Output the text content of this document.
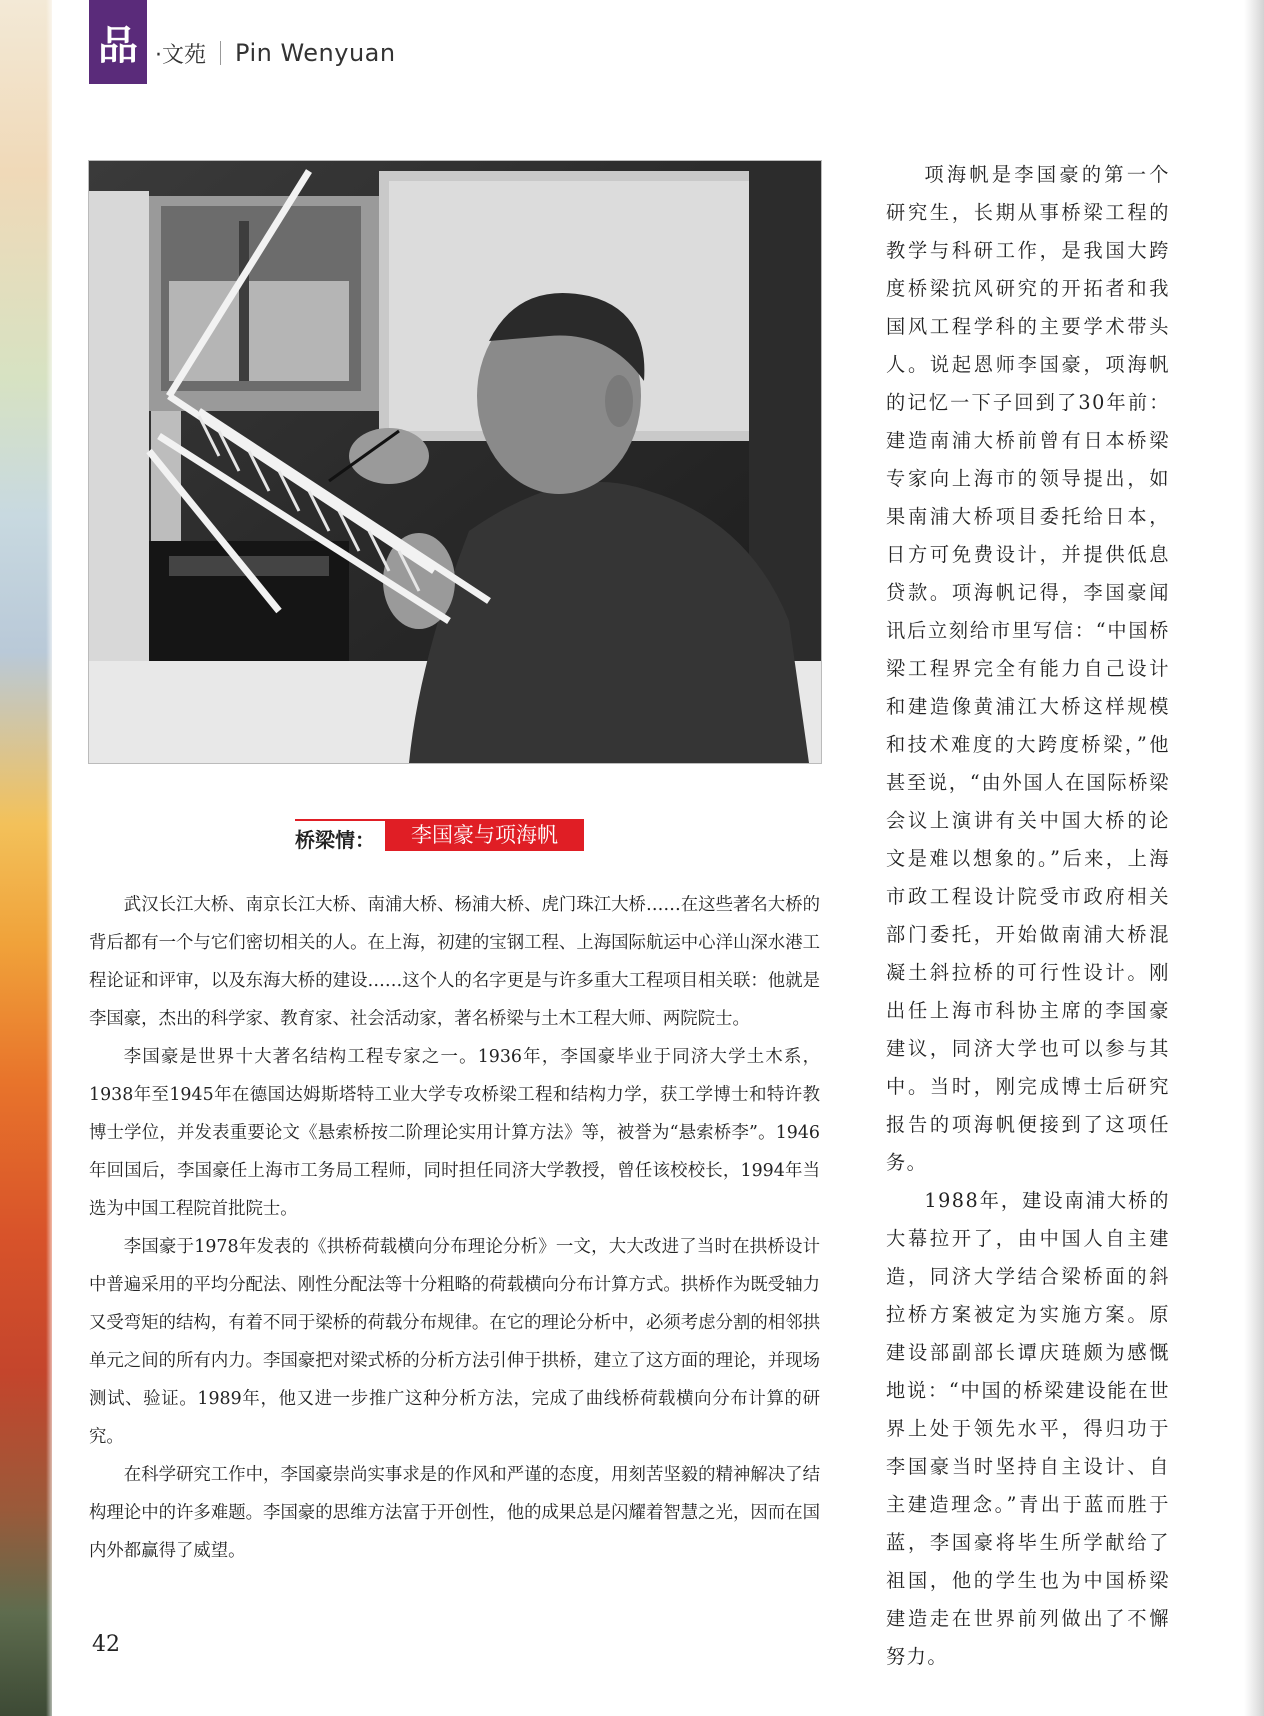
品 ·文苑 Pin Wenyuan
桥梁情：	李国豪与项海帆

武汉长江大桥、南京长江大桥、南浦大桥、杨浦大桥、虎门珠江大桥……在这些著名大桥的背后都有一个与它们密切相关的人。在上海，初建的宝钢工程、上海国际航运中心洋山深水港工程论证和评审，以及东海大桥的建设……这个人的名字更是与许多重大工程项目相关联：他就是李国豪，杰出的科学家、教育家、社会活动家，著名桥梁与土木工程大师、两院院士。

李国豪是世界十大著名结构工程专家之一。1936年，李国豪毕业于同济大学土木系，1938年至1945年在德国达姆斯塔特工业大学专攻桥梁工程和结构力学，获工学博士和特许教博士学位，并发表重要论文《悬索桥按二阶理论实用计算方法》等，被誉为“悬索桥李”。1946年回国后，李国豪任上海市工务局工程师，同时担任同济大学教授，曾任该校校长，1994年当选为中国工程院首批院士。

李国豪于1978年发表的《拱桥荷载横向分布理论分析》一文，大大改进了当时在拱桥设计中普遍采用的平均分配法、刚性分配法等十分粗略的荷载横向分布计算方式。拱桥作为既受轴力又受弯矩的结构，有着不同于梁桥的荷载分布规律。在它的理论分析中，必须考虑分割的相邻拱单元之间的所有内力。李国豪把对梁式桥的分析方法引伸于拱桥，建立了这方面的理论，并现场测试、验证。1989年，他又进一步推广这种分析方法，完成了曲线桥荷载横向分布计算的研究。

在科学研究工作中，李国豪崇尚实事求是的作风和严谨的态度，用刻苦坚毅的精神解决了结构理论中的许多难题。李国豪的思维方法富于开创性，他的成果总是闪耀着智慧之光，因而在国内外都赢得了威望。

项海帆是李国豪的第一个研究生，长期从事桥梁工程的教学与科研工作，是我国大跨度桥梁抗风研究的开拓者和我国风工程学科的主要学术带头人。说起恩师李国豪，项海帆的记忆一下子回到了30年前：建造南浦大桥前曾有日本桥梁专家向上海市的领导提出，如果南浦大桥项目委托给日本，日方可免费设计，并提供低息贷款。项海帆记得，李国豪闻讯后立刻给市里写信：“中国桥梁工程界完全有能力自己设计和建造像黄浦江大桥这样规模和技术难度的大跨度桥梁，”他甚至说，“由外国人在国际桥梁会议上演讲有关中国大桥的论文是难以想象的。”后来，上海市政工程设计院受市政府相关部门委托，开始做南浦大桥混凝土斜拉桥的可行性设计。刚出任上海市科协主席的李国豪建议，同济大学也可以参与其中。当时，刚完成博士后研究报告的项海帆便接到了这项任务。

1988年，建设南浦大桥的大幕拉开了，由中国人自主建造，同济大学结合梁桥面的斜拉桥方案被定为实施方案。原建设部副部长谭庆琏颇为感慨地说：“中国的桥梁建设能在世界上处于领先水平，得归功于李国豪当时坚持自主设计、自主建造理念。”青出于蓝而胜于蓝，李国豪将毕生所学献给了祖国，他的学生也为中国桥梁建造走在世界前列做出了不懈努力。

42
